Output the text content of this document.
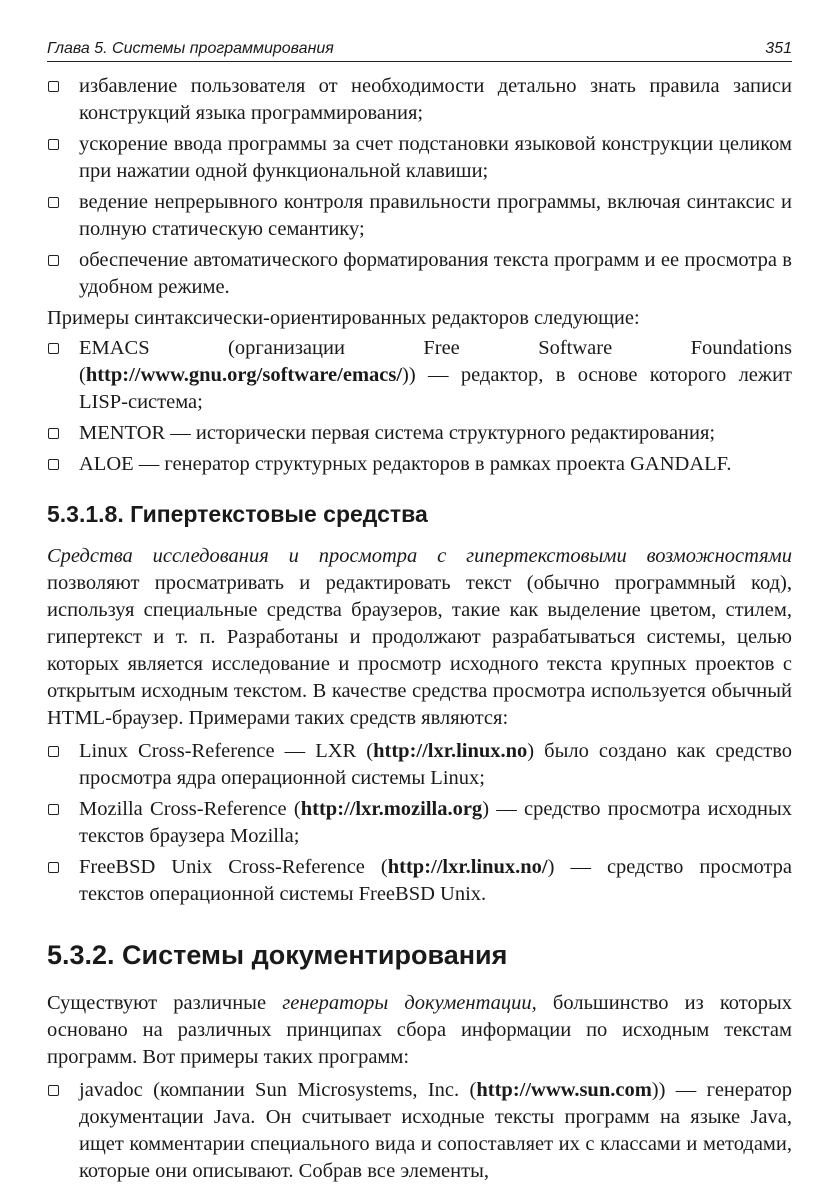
Глава 5. Системы программирования	351
избавление пользователя от необходимости детально знать правила записи конструкций языка программирования;
ускорение ввода программы за счет подстановки языковой конструкции целиком при нажатии одной функциональной клавиши;
ведение непрерывного контроля правильности программы, включая синтаксис и полную статическую семантику;
обеспечение автоматического форматирования текста программ и ее просмотра в удобном режиме.

Примеры синтаксически-ориентированных редакторов следующие:

EMACS (организации Free Software Foundations (http://www.gnu.org/software/emacs/)) — редактор, в основе которого лежит LISP-система;
MENTOR — исторически первая система структурного редактирования;
ALOE — генератор структурных редакторов в рамках проекта GANDALF.
5.3.1.8. Гипертекстовые средства

Средства исследования и просмотра с гипертекстовыми возможностями позволяют просматривать и редактировать текст (обычно программный код), используя специальные средства браузеров, такие как выделение цветом, стилем, гипертекст и т. п. Разработаны и продолжают разрабатываться системы, целью которых является исследование и просмотр исходного текста крупных проектов с открытым исходным текстом. В качестве средства просмотра используется обычный HTML-браузер. Примерами таких средств являются:

Linux Cross-Reference — LXR (http://lxr.linux.no) было создано как средство просмотра ядра операционной системы Linux;
Mozilla Cross-Reference (http://lxr.mozilla.org) — средство просмотра исходных текстов браузера Mozilla;
FreeBSD Unix Cross-Reference (http://lxr.linux.no/) — средство просмотра текстов операционной системы FreeBSD Unix.
5.3.2. Системы документирования

Существуют различные генераторы документации, большинство из которых основано на различных принципах сбора информации по исходным текстам программ. Вот примеры таких программ:

javadoc (компании Sun Microsystems, Inc. (http://www.sun.com)) — генератор документации Java. Он считывает исходные тексты программ на языке Java, ищет комментарии специального вида и сопоставляет их с классами и методами, которые они описывают. Собрав все элементы,
